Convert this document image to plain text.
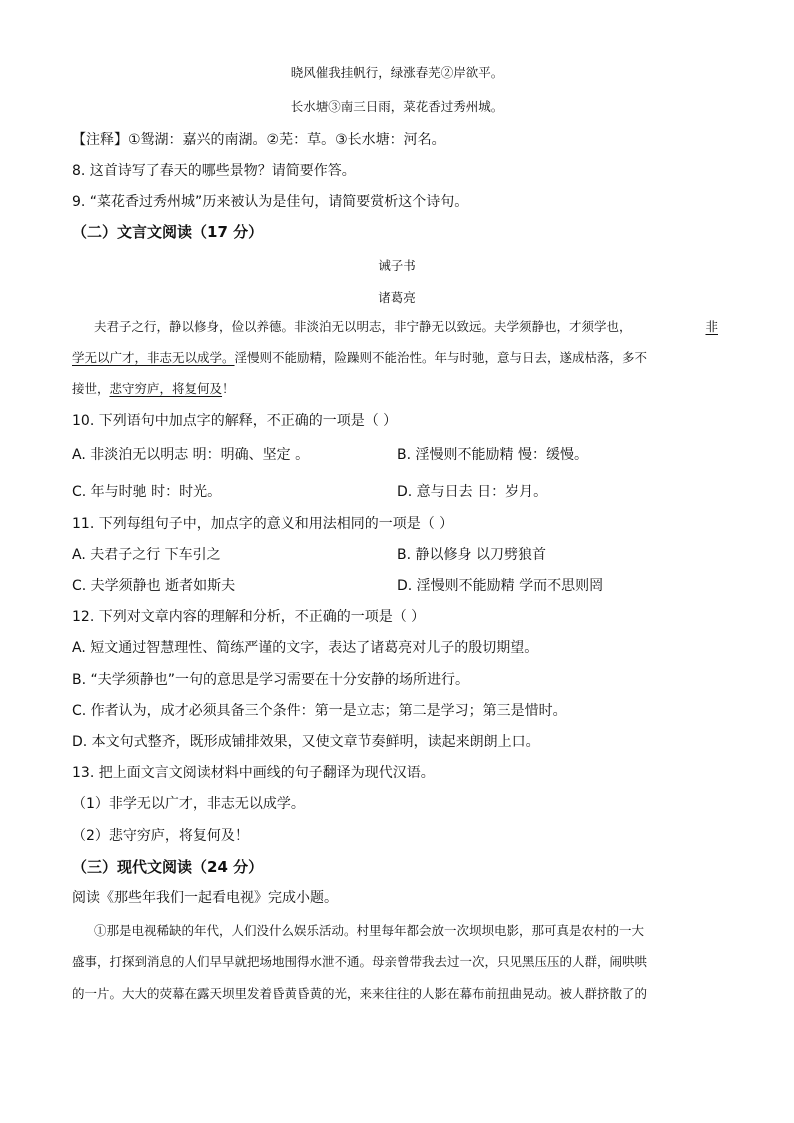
晓风催我挂帆行，绿涨春芜②岸欲平。
长水塘③南三日雨，菜花香过秀州城。
【注释】①鸳湖：嘉兴的南湖。②芜：草。③长水塘：河名。
8. 这首诗写了春天的哪些景物？请简要作答。
9. “菜花香过秀州城”历来被认为是佳句，请简要赏析这个诗句。
（二）文言文阅读（17 分）
诫子书
诸葛亮
夫君子之行，静以修身，俭以养德。非淡泊无以明志，非宁静无以致远。夫学须静也，才须学也，	非
学无以广才，非志无以成学。淫慢则不能励精，险躁则不能治性。年与时驰，意与日去，遂成枯落，多不
接世，悲守穷庐，将复何及！
10. 下列语句中加点字的解释，不正确的一项是（ ）
A. 非淡泊无以明志 明：明确、坚定 。	B. 淫慢则不能励精 慢：缓慢。
C. 年与时驰 时：时光。	D. 意与日去 日：岁月。
11. 下列每组句子中，加点字的意义和用法相同的一项是（ ）
A. 夫君子之行 下车引之	B. 静以修身 以刀劈狼首
C. 夫学须静也 逝者如斯夫	D. 淫慢则不能励精 学而不思则罔
12. 下列对文章内容的理解和分析，不正确的一项是（ ）
A. 短文通过智慧理性、简练严谨的文字，表达了诸葛亮对儿子的殷切期望。
B. “夫学须静也”一句的意思是学习需要在十分安静的场所进行。
C. 作者认为，成才必须具备三个条件：第一是立志；第二是学习；第三是惜时。
D. 本文句式整齐，既形成铺排效果，又使文章节奏鲜明，读起来朗朗上口。
13. 把上面文言文阅读材料中画线的句子翻译为现代汉语。
（1）非学无以广才，非志无以成学。
（2）悲守穷庐，将复何及！
（三）现代文阅读（24 分）
阅读《那些年我们一起看电视》完成小题。
①那是电视稀缺的年代，人们没什么娱乐活动。村里每年都会放一次坝坝电影，那可真是农村的一大
盛事，打探到消息的人们早早就把场地围得水泄不通。母亲曾带我去过一次，只见黑压压的人群，闹哄哄
的一片。大大的荧幕在露天坝里发着昏黄昏黄的光，来来往往的人影在幕布前扭曲晃动。被人群挤散了的
